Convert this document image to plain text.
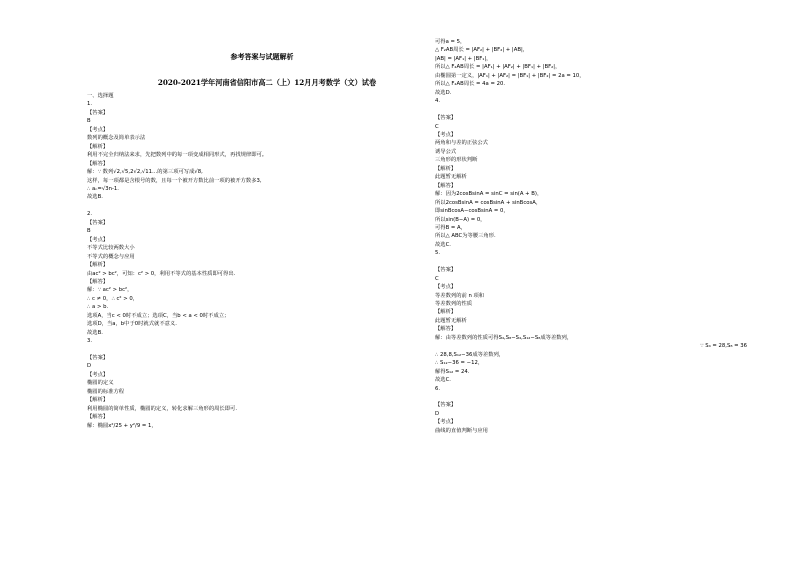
参考答案与试题解析
2020-2021学年河南省信阳市高二（上）12月月考数学（文）试卷
一、选择题
1.
【答案】
B
【考点】
数列的概念及简单表示法
【解析】
利用不完全归纳法来求，先把数列中的每一项变成相同形式，再找规律即可。
【解答】
解：∵ 数列√2,√5,2√2,√11…的第三项可写成√8,
这样，每一项都是含根号的数，且每一个被开方数比前一项的被开方数多3,
∴ aₙ=√3n-1.
故选B.
2.
【答案】
B
【考点】
不等式比较两数大小
不等式的概念与应用
【解析】
由ac² > bc²，可知：c² > 0，利用不等式的基本性质即可得出.
【解答】
解：∵ ac² > bc²，
∴ c ≠ 0，∴ c² > 0，
∴ a > b.
选项A，当c < 0时不成立；选项C，当b < a < 0时不成立；
选项D，当a，b中于0时就式就不意义.
故选B.
3.
【答案】
D
【考点】
椭圆的定义
椭圆的标准方程
【解析】
利用椭圆的简单性质，椭圆的定义，转化求解三角形的周长即可.
【解答】
解：椭圆x²/25 + y²/9 = 1，
可得a = 5，
△ F₂AB周长 = |AF₂| + |BF₂| + |AB|，
|AB| = |AF₁| + |BF₁|，
所以△ F₂AB周长 = |AF₁| + |AF₂| + |BF₁| + |BF₂|，
由椭圆第一定义，|AF₁| + |AF₂| = |BF₁| + |BF₂| = 2a = 10，
所以△ F₂AB周长 = 4a = 20.
故选D.
4.
【答案】
C
【考点】
两角和与差的正弦公式
诱导公式
三角形的形状判断
【解析】
此题暂无解析
【解答】
解：因为2cosBsinA = sinC = sin(A + B)，
所以2cosBsinA = cosBsinA + sinBcosA，
即sinBcosA−cosBsinA = 0，
所以sin(B−A) = 0，
可得B = A，
所以△ ABC为等腰三角形.
故选C.
5.
【答案】
C
【考点】
等差数列的前 n 项和
等差数列的性质
【解析】
此题暂无解析
【解答】
解：由等差数列的性质可得S₄,S₈−S₄,S₁₂−S₈成等差数列，
∵ S₄ = 28,S₈ = 36
∴ 28,8,S₁₂−36成等差数列，
∴ S₁₂−36 = −12，
解得S₁₂ = 24.
故选C.
6.
【答案】
D
【考点】
曲线的直值判断与应用
